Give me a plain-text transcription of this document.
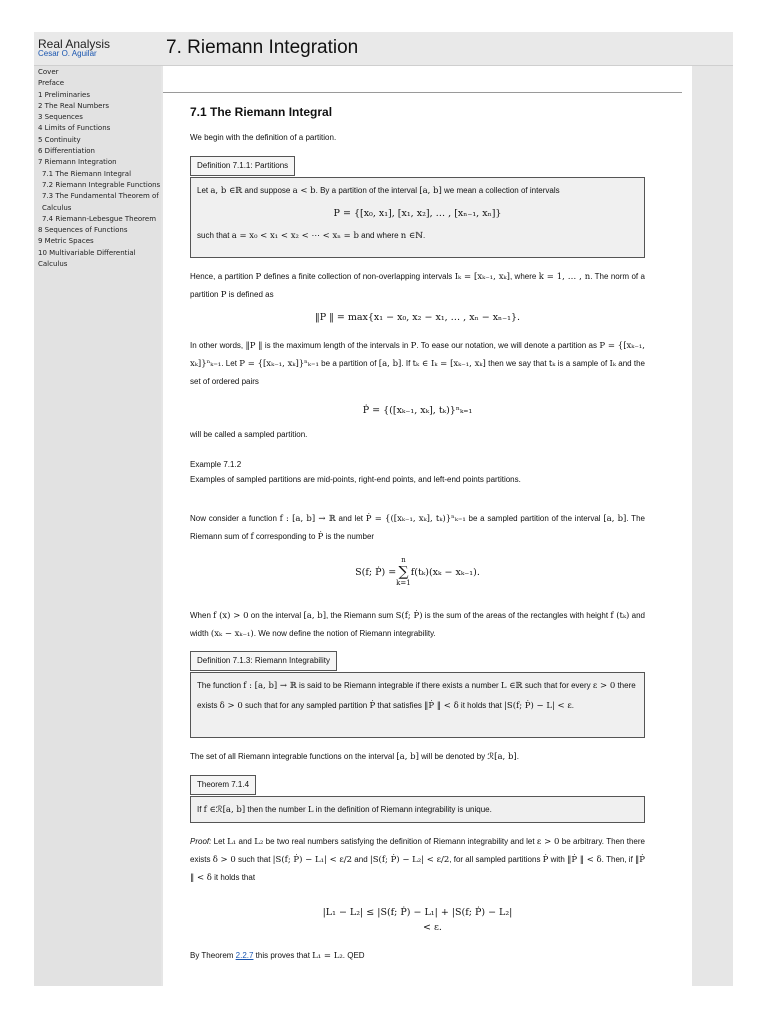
Real Analysis
Cesar O. Aguilar	7. Riemann Integration
Cover
Preface
1 Preliminaries
2 The Real Numbers
3 Sequences
4 Limits of Functions
5 Continuity
6 Differentiation
7 Riemann Integration
7.1 The Riemann Integral
7.2 Riemann Integrable Functions
7.3 The Fundamental Theorem of Calculus
7.4 Riemann-Lebesgue Theorem
8 Sequences of Functions
9 Metric Spaces
10 Multivariable Differential Calculus
7.1 The Riemann Integral

We begin with the definition of a partition.

Definition 7.1.1: Partitions
Let a, b ∈ℝ and suppose a < b. By a partition of the interval [a, b] we mean a collection of intervals
P = {[x₀, x₁], [x₁, x₂], … , [xₙ₋₁, xₙ]}
such that a = x₀ < x₁ < x₂ < ⋯ < xₙ = b and where n ∈ℕ.

Hence, a partition P defines a finite collection of non-overlapping intervals Iₖ = [xₖ₋₁, xₖ], where k = 1, … , n. The norm of a partition P is defined as

‖P ‖ = max{x₁ − x₀, x₂ − x₁, … , xₙ − xₙ₋₁}.

In other words, ‖P ‖ is the maximum length of the intervals in P. To ease our notation, we will denote a partition as P = {[xₖ₋₁, xₖ]}ⁿₖ₌₁. Let P = {[xₖ₋₁, xₖ]}ⁿₖ₌₁ be a partition of [a, b]. If tₖ ∈ Iₖ = [xₖ₋₁, xₖ] then we say that tₖ is a sample of Iₖ and the set of ordered pairs

Ṗ = {([xₖ₋₁, xₖ], tₖ)}ⁿₖ₌₁

will be called a sampled partition.

Example 7.1.2

Examples of sampled partitions are mid-points, right-end points, and left-end points partitions.

Now consider a function f : [a, b] → ℝ and let Ṗ = {([xₖ₋₁, xₖ], tₖ)}ⁿₖ₌₁ be a sampled partition of the interval [a, b]. The Riemann sum of f corresponding to Ṗ is the number

S(f; Ṗ) =
n
∑
k=1
f(tₖ)(xₖ − xₖ₋₁).

When f (x) > 0 on the interval [a, b], the Riemann sum S(f; Ṗ) is the sum of the areas of the rectangles with height f (tₖ) and width (xₖ − xₖ₋₁). We now define the notion of Riemann integrability.

Definition 7.1.3: Riemann Integrability
The function f : [a, b] → ℝ is said to be Riemann integrable if there exists a number L ∈ℝ such that for every ε > 0 there exists δ > 0 such that for any sampled partition Ṗ that satisfies ‖Ṗ ‖ < δ it holds that |S(f; Ṗ) − L| < ε.

The set of all Riemann integrable functions on the interval [a, b] will be denoted by ℛ[a, b].

Theorem 7.1.4
If f ∈ℛ[a, b] then the number L in the definition of Riemann integrability is unique.

Proof: Let L₁ and L₂ be two real numbers satisfying the definition of Riemann integrability and let ε > 0 be arbitrary. Then there exists δ > 0 such that |S(f; Ṗ) − L₁| < ε/2 and |S(f; Ṗ) − L₂| < ε/2, for all sampled partitions Ṗ with ‖Ṗ ‖ < δ. Then, if ‖Ṗ ‖ < δ it holds that

|L₁ − L₂| ≤ |S(f; Ṗ) − L₁| + |S(f; Ṗ) − L₂|
< ε.

By Theorem 2.2.7 this proves that L₁ = L₂. QED
